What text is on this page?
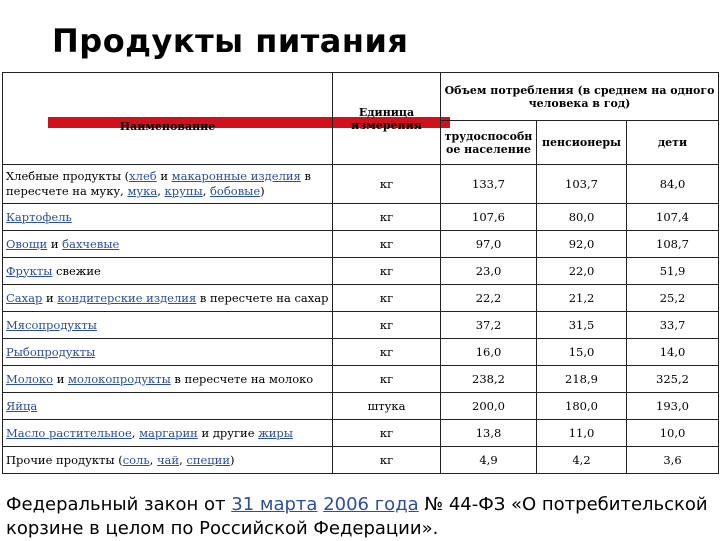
Продукты питания
Наименование	Единица измерения	Объем потребления (в среднем на одного человека в год)		
		трудоспособн ое население	пенсионеры	дети
Хлебные продукты (хлеб и макаронные изделия в пересчете на муку, мука, крупы, бобовые)	кг	133,7	103,7	84,0
Картофель	кг	107,6	80,0	107,4
Овощи и бахчевые	кг	97,0	92,0	108,7
Фрукты свежие	кг	23,0	22,0	51,9
Сахар и кондитерские изделия в пересчете на сахар	кг	22,2	21,2	25,2
Мясопродукты	кг	37,2	31,5	33,7
Рыбопродукты	кг	16,0	15,0	14,0
Молоко и молокопродукты в пересчете на молоко	кг	238,2	218,9	325,2
Яйца	штука	200,0	180,0	193,0
Масло растительное, маргарин и другие жиры	кг	13,8	11,0	10,0
Прочие продукты (соль, чай, специи)	кг	4,9	4,2	3,6
Федеральный закон от 31 марта 2006 года № 44-ФЗ «О потребительской корзине в целом по Российской Федерации».
